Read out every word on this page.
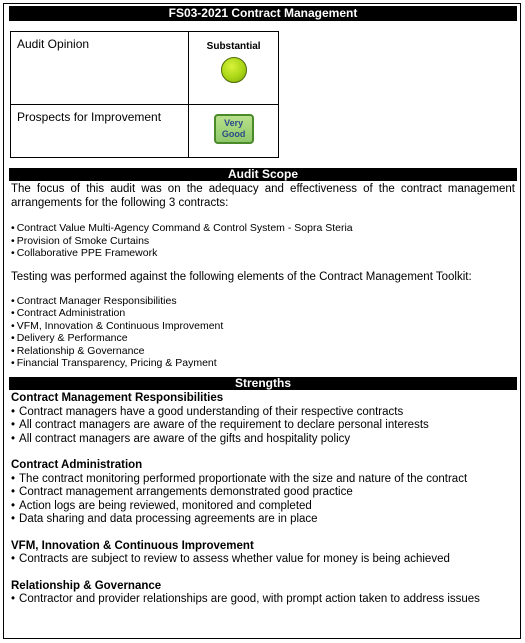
FS03-2021 Contract Management
Audit Opinion	Substantial

Prospects for Improvement	Very
Good
Audit Scope

The focus of this audit was on the adequacy and effectiveness of the contract management arrangements for the following 3 contracts:

• Contract Value Multi-Agency Command & Control System - Sopra Steria
• Provision of Smoke Curtains
• Collaborative PPE Framework

Testing was performed against the following elements of the Contract Management Toolkit:

• Contract Manager Responsibilities
• Contract Administration
• VFM, Innovation & Continuous Improvement
• Delivery & Performance
• Relationship & Governance
• Financial Transparency, Pricing & Payment
Strengths
Contract Management Responsibilities
• Contract managers have a good understanding of their respective contracts
• All contract managers are aware of the requirement to declare personal interests
• All contract managers are aware of the gifts and hospitality policy
Contract Administration
• The contract monitoring performed proportionate with the size and nature of the contract
• Contract management arrangements demonstrated good practice
• Action logs are being reviewed, monitored and completed
• Data sharing and data processing agreements are in place
VFM, Innovation & Continuous Improvement
• Contracts are subject to review to assess whether value for money is being achieved
Relationship & Governance
• Contractor and provider relationships are good, with prompt action taken to address issues
